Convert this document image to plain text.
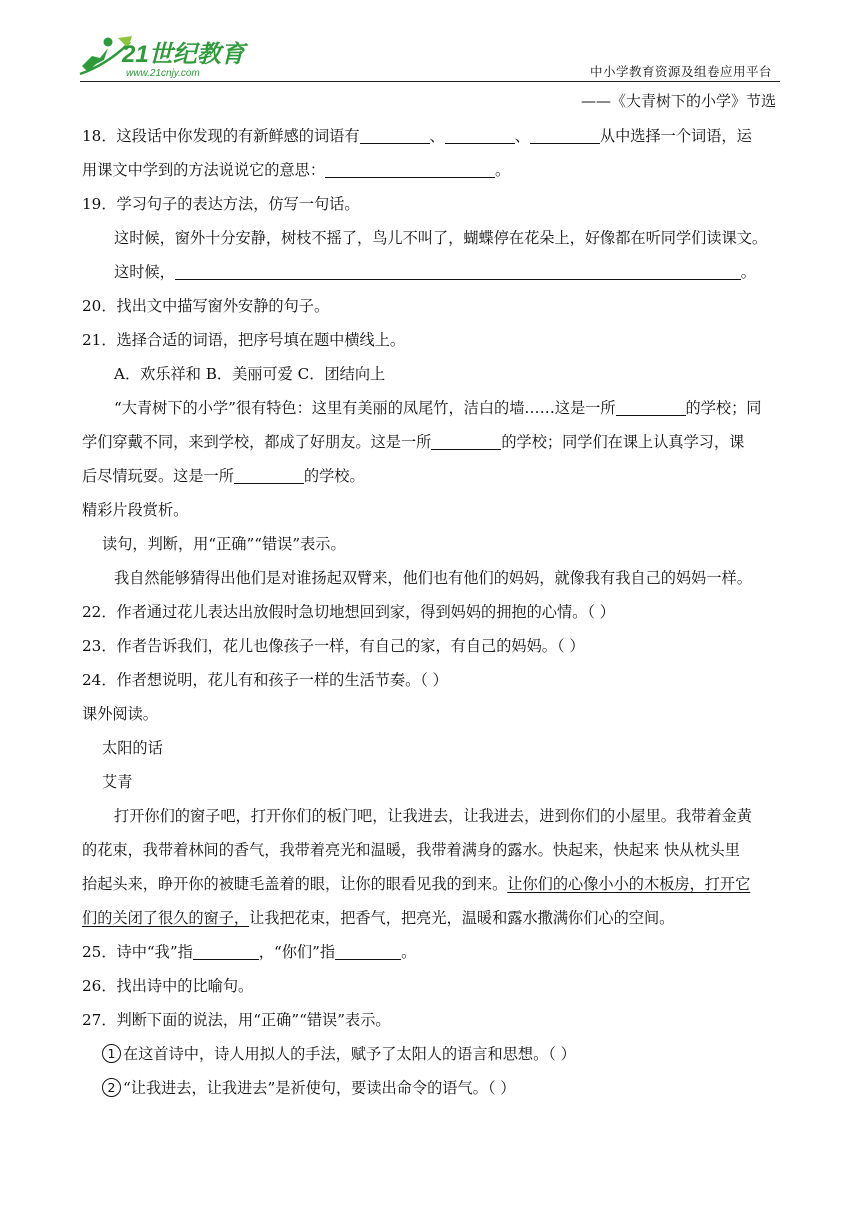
21世纪教育
www.21cnjy.com	中小学教育资源及组卷应用平台
——《大青树下的小学》节选
18．这段话中你发现的有新鲜感的词语有	、	、	从中选择一个词语，运
用课文中学到的方法说说它的意思：	。
19．学习句子的表达方法，仿写一句话。
这时候，窗外十分安静，树枝不摇了，鸟儿不叫了，蝴蝶停在花朵上，好像都在听同学们读课文。
这时候，	。
20．找出文中描写窗外安静的句子。
21．选择合适的词语，把序号填在题中横线上。
A．欢乐祥和 B．美丽可爱 C．团结向上
“大青树下的小学”很有特色：这里有美丽的凤尾竹，洁白的墙……这是一所	的学校；同
学们穿戴不同，来到学校，都成了好朋友。这是一所	的学校；同学们在课上认真学习，课
后尽情玩耍。这是一所	的学校。
精彩片段赏析。
读句，判断，用“正确”“错误”表示。
我自然能够猜得出他们是对谁扬起双臂来，他们也有他们的妈妈，就像我有我自己的妈妈一样。
22．作者通过花儿表达出放假时急切地想回到家，得到妈妈的拥抱的心情。（ ）
23．作者告诉我们，花儿也像孩子一样，有自己的家，有自己的妈妈。（ ）
24．作者想说明，花儿有和孩子一样的生活节奏。（ ）
课外阅读。
太阳的话
艾青
打开你们的窗子吧，打开你们的板门吧，让我进去，让我进去，进到你们的小屋里。我带着金黄
的花束，我带着林间的香气，我带着亮光和温暖，我带着满身的露水。快起来，快起来 快从枕头里
抬起头来，睁开你的被睫毛盖着的眼，让你的眼看见我的到来。让你们的心像小小的木板房，打开它
们的关闭了很久的窗子，让我把花束，把香气，把亮光，温暖和露水撒满你们心的空间。
25．诗中“我”指	，“你们”指	。
26．找出诗中的比喻句。
27．判断下面的说法，用“正确”“错误”表示。
1 在这首诗中，诗人用拟人的手法，赋予了太阳人的语言和思想。（ ）
2 “让我进去，让我进去”是祈使句，要读出命令的语气。（ ）
